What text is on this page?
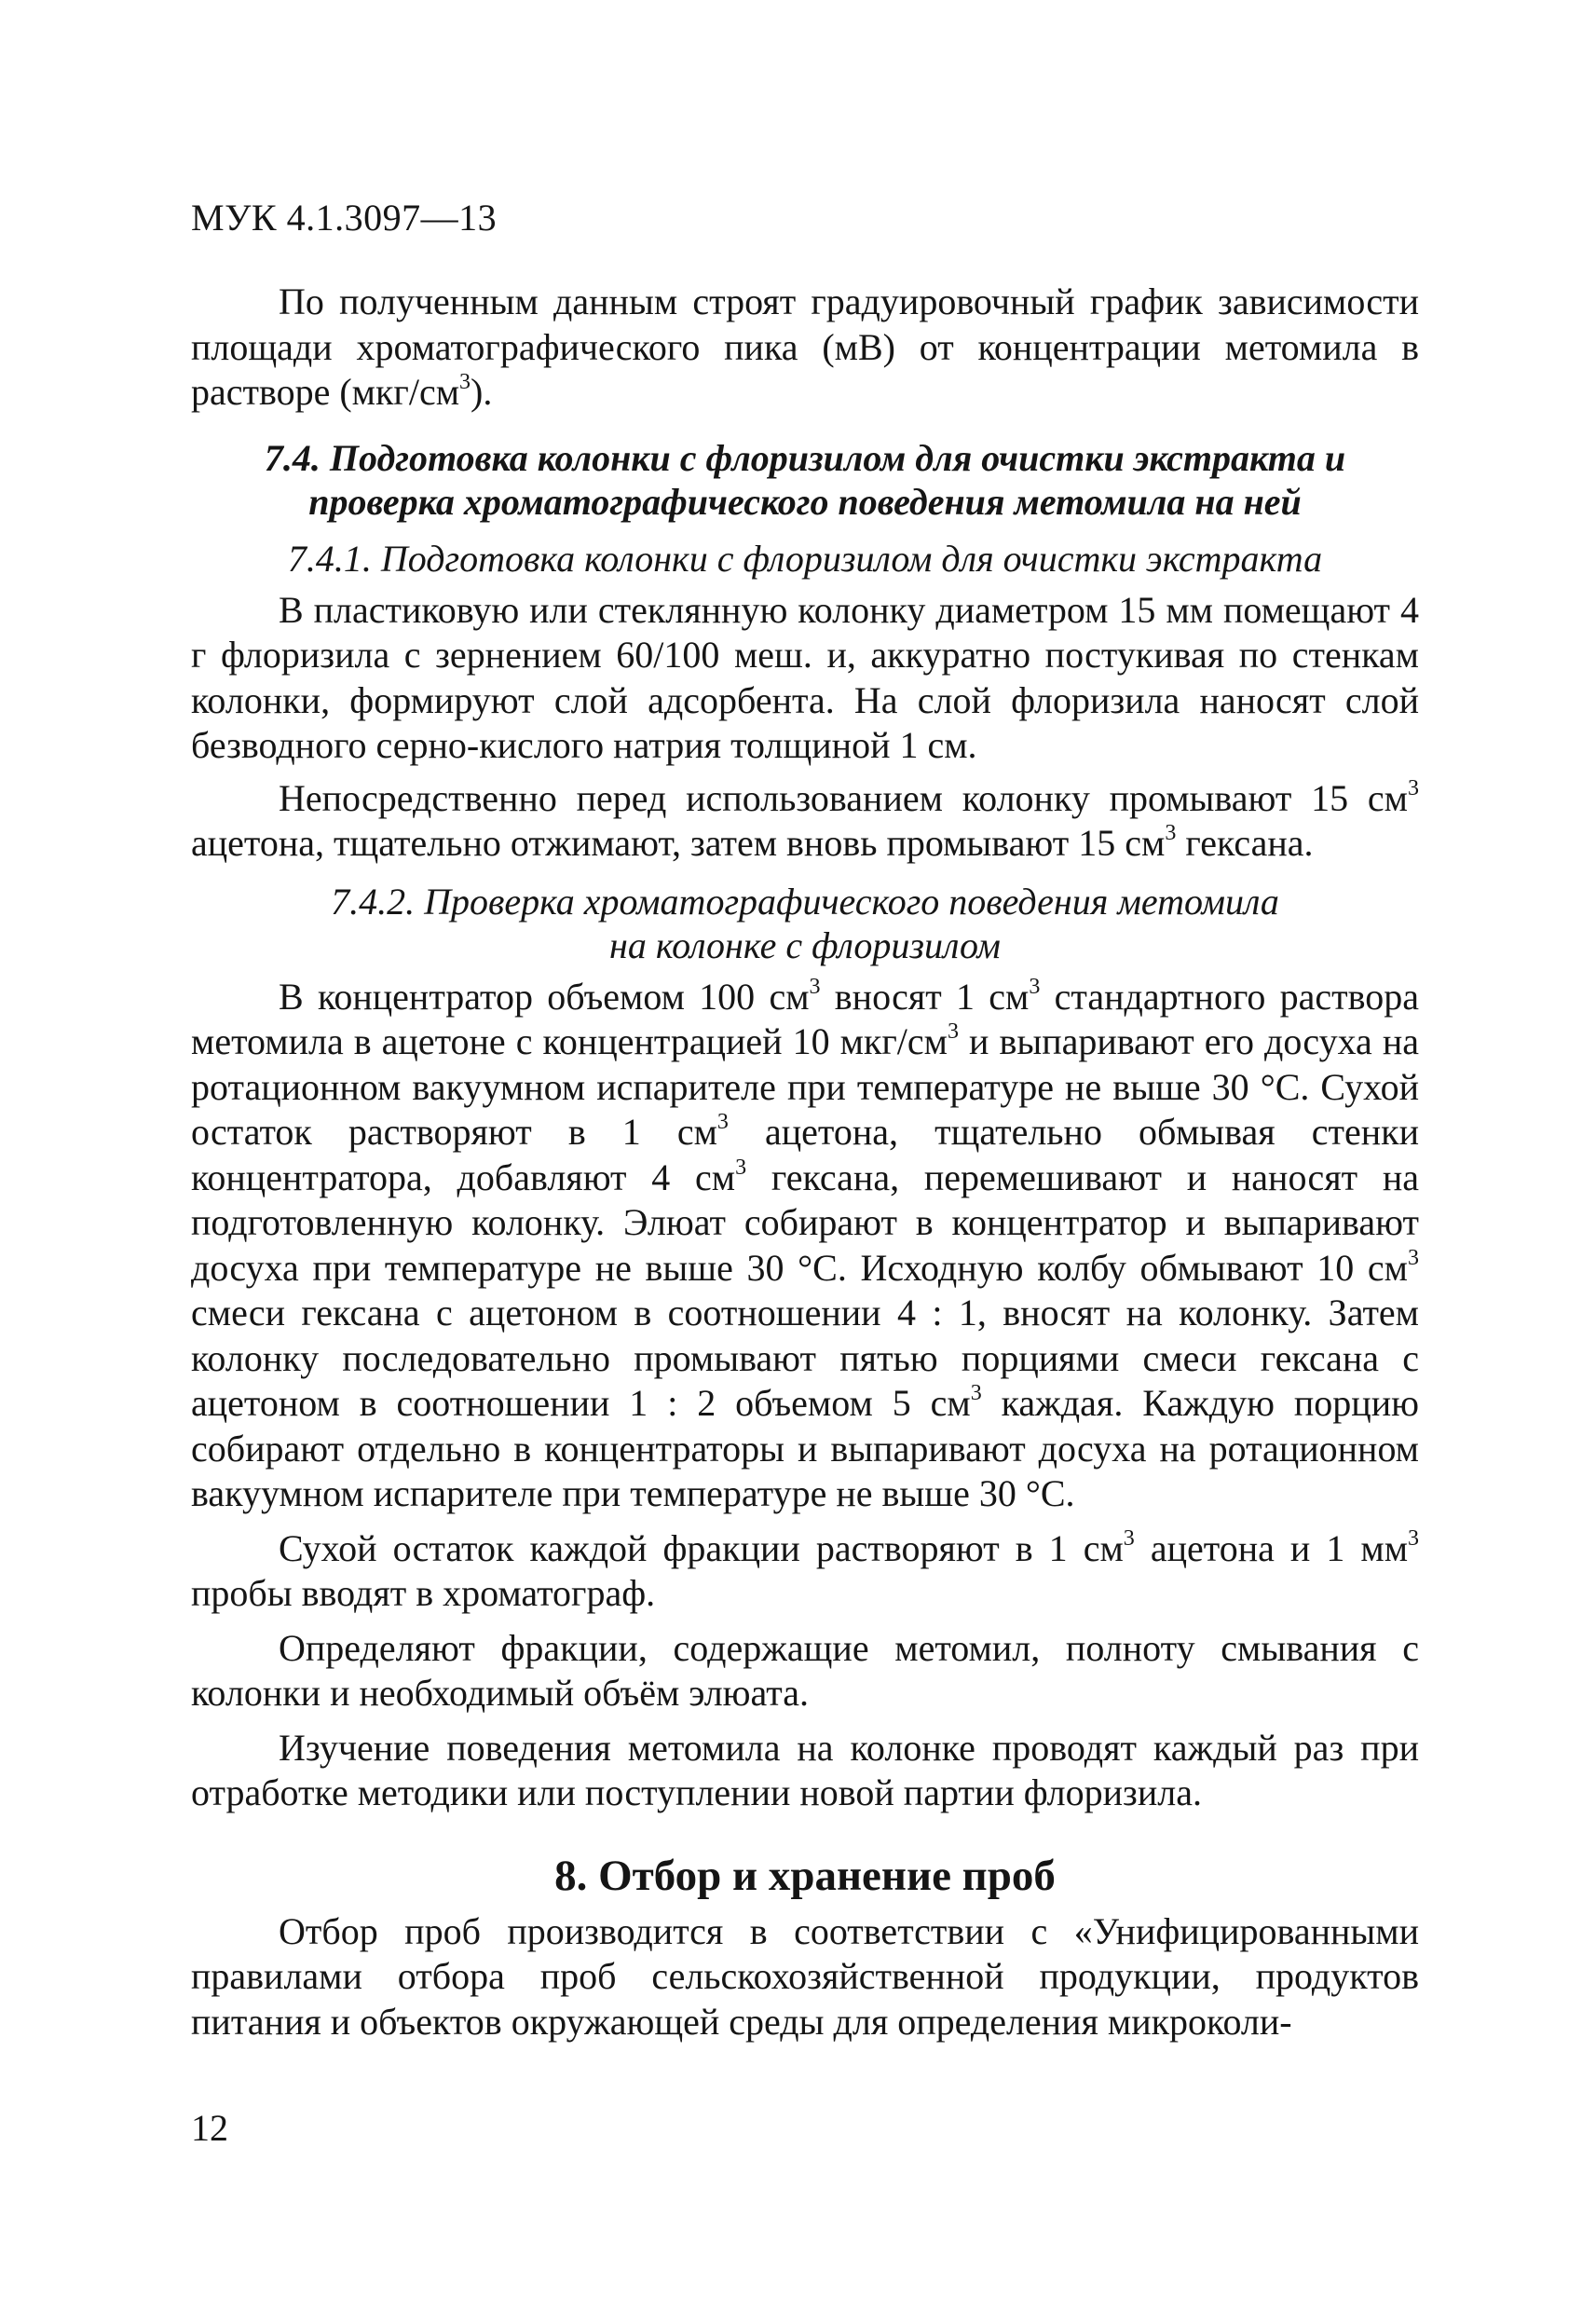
МУК 4.1.3097—13

По полученным данным строят градуировочный график зависимости площади хроматографического пика (мВ) от концентрации метомила в растворе $(мкг/см^3)$.

7.4. Подготовка колонки с флоризилом для очистки экстракта и
проверка хроматографического поведения метомила на ней
7.4.1. Подготовка колонки с флоризилом для очистки экстракта

В пластиковую или стеклянную колонку диаметром 15 мм помещают 4 г флоризила с зернением 60/100 меш. и, аккуратно постукивая по стенкам колонки, формируют слой адсорбента. На слой флоризила наносят слой безводного серно-кислого натрия толщиной 1 см.

Непосредственно перед использованием колонку промывают 15 $см^3$ ацетона, тщательно отжимают, затем вновь промывают 15 $см^3$ гексана.

7.4.2. Проверка хроматографического поведения метомила
на колонке с флоризилом

В концентратор объемом 100 $см^3$ вносят 1 $см^3$ стандартного раствора метомила в ацетоне с концентрацией 10 мкг/$см^3$ и выпаривают его досуха на ротационном вакуумном испарителе при температуре не выше 30 °С. Сухой остаток растворяют в 1 $см^3$ ацетона, тщательно обмывая стенки концентратора, добавляют 4 $см^3$ гексана, перемешивают и наносят на подготовленную колонку. Элюат собирают в концентратор и выпаривают досуха при температуре не выше 30 °С. Исходную колбу обмывают 10 $см^3$ смеси гексана с ацетоном в соотношении 4 : 1, вносят на колонку. Затем колонку последовательно промывают пятью порциями смеси гексана с ацетоном в соотношении 1 : 2 объемом 5 $см^3$ каждая. Каждую порцию собирают отдельно в концентраторы и выпаривают досуха на ротационном вакуумном испарителе при температуре не выше 30 °С.

Сухой остаток каждой фракции растворяют в 1 $см^3$ ацетона и 1 $мм^3$ пробы вводят в хроматограф.

Определяют фракции, содержащие метомил, полноту смывания с колонки и необходимый объём элюата.

Изучение поведения метомила на колонке проводят каждый раз при отработке методики или поступлении новой партии флоризила.

8. Отбор и хранение проб

Отбор проб производится в соответствии с «Унифицированными правилами отбора проб сельскохозяйственной продукции, продуктов питания и объектов окружающей среды для определения микроколи-

12
